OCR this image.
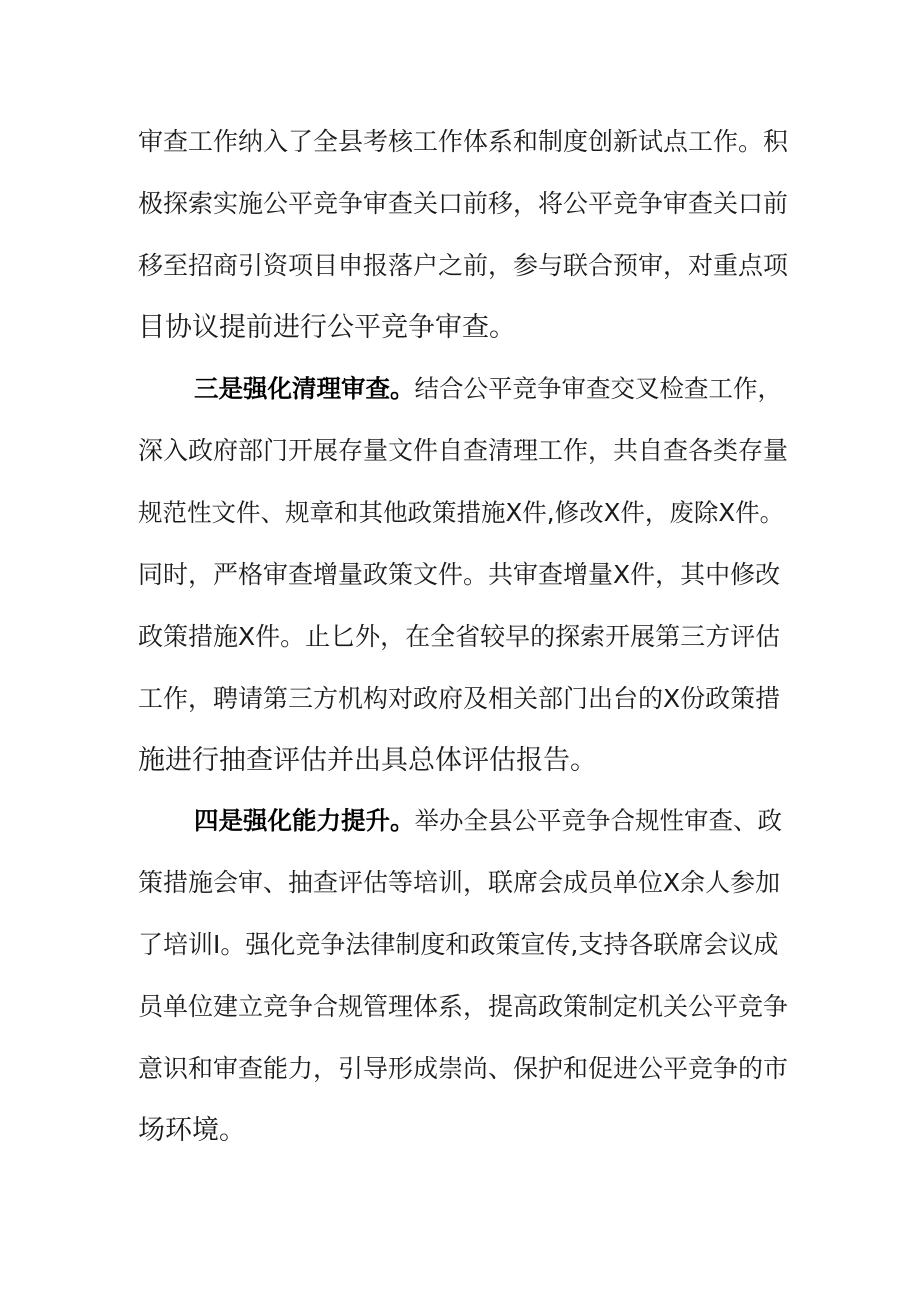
审查工作纳入了全县考核工作体系和制度创新试点工作。积
极探索实施公平竞争审查关口前移，将公平竞争审查关口前
移至招商引资项目申报落户之前，参与联合预审，对重点项
目协议提前进行公平竞争审查。
三是强化清理审查。结合公平竞争审查交叉检查工作，
深入政府部门开展存量文件自查清理工作，共自查各类存量
规范性文件、规章和其他政策措施X件,修改X件，废除X件。
同时，严格审查增量政策文件。共审查增量X件，其中修改
政策措施X件。止匕外，在全省较早的探索开展第三方评估
工作，聘请第三方机构对政府及相关部门出台的X份政策措
施进行抽查评估并出具总体评估报告。
四是强化能力提升。举办全县公平竞争合规性审查、政
策措施会审、抽查评估等培训，联席会成员单位X余人参加
了培训I。强化竞争法律制度和政策宣传,支持各联席会议成
员单位建立竞争合规管理体系，提高政策制定机关公平竞争
意识和审查能力，引导形成崇尚、保护和促进公平竞争的市
场环境。
